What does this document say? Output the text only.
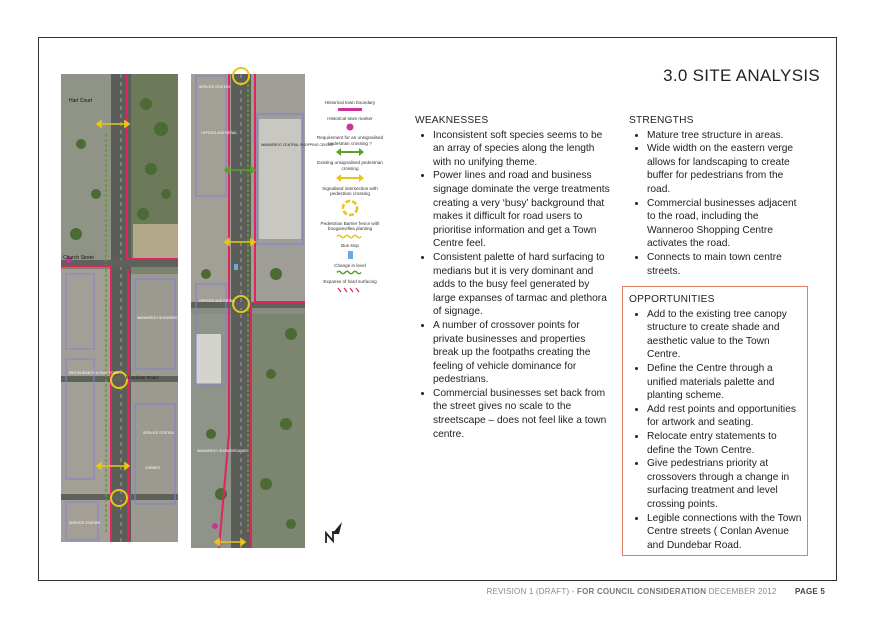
3.0 SITE ANALYSIS
Hart Court
Church Street
Dundebar Road
RESTAURANTS & FAST FOOD
WANNEROO SHOWGROUND
SERVICE STATION
CHEMIST
SERVICE STATION
SERVICE STATION
OFFICES AND RETAIL
WANNEROO CENTRAL SHOPPING CENTRE
OFFICES AND RETAIL
WANNEROO SHOWGROUNDS
Historical town boundary
Historical town marker
Requirement for an unsignalised pedestrian crossing ?
Existing unsignalised pedestrian crossing
Signalised intersection with pedestrian crossing
Pedestrian Barrier fence with bougainvillea planting
Bus stop
Change in level
Expanse of hard surfacing
WEAKNESSES
• Inconsistent soft species seems to be an array of species along the length with no unifying theme.
• Power lines and road and business signage dominate the verge treatments creating a very ‘busy’ background that makes it difficult for road users to prioritise information and get a Town Centre feel.
• Consistent palette of hard surfacing to medians but it is very dominant and adds to the busy feel generated by large expanses of tarmac and plethora of signage.
• A number of crossover points for private businesses and properties break up the footpaths creating the feeling of vehicle dominance for pedestrians.
• Commercial businesses set back from the street gives no scale to the streetscape – does not feel like a town centre.
STRENGTHS
• Mature tree structure in areas.
• Wide width on the eastern verge allows for landscaping to create buffer for pedestrians from the road.
• Commercial businesses adjacent to the road, including the Wanneroo Shopping Centre activates the road.
• Connects to main town centre streets.
OPPORTUNITIES
• Add to the existing tree canopy structure to create shade and aesthetic value to the Town Centre.
• Define the Centre through a unified materials palette and planting scheme.
• Add rest points and opportunities for artwork and seating.
• Relocate entry statements to define the Town Centre.
• Give pedestrians priority at crossovers through a change in surfacing treatment and level crossing points.
• Legible connections with the Town Centre streets ( Conlan Avenue and Dundebar Road.
REVISION 1 (DRAFT) - FOR COUNCIL CONSIDERATION DECEMBER 2012 PAGE 5
